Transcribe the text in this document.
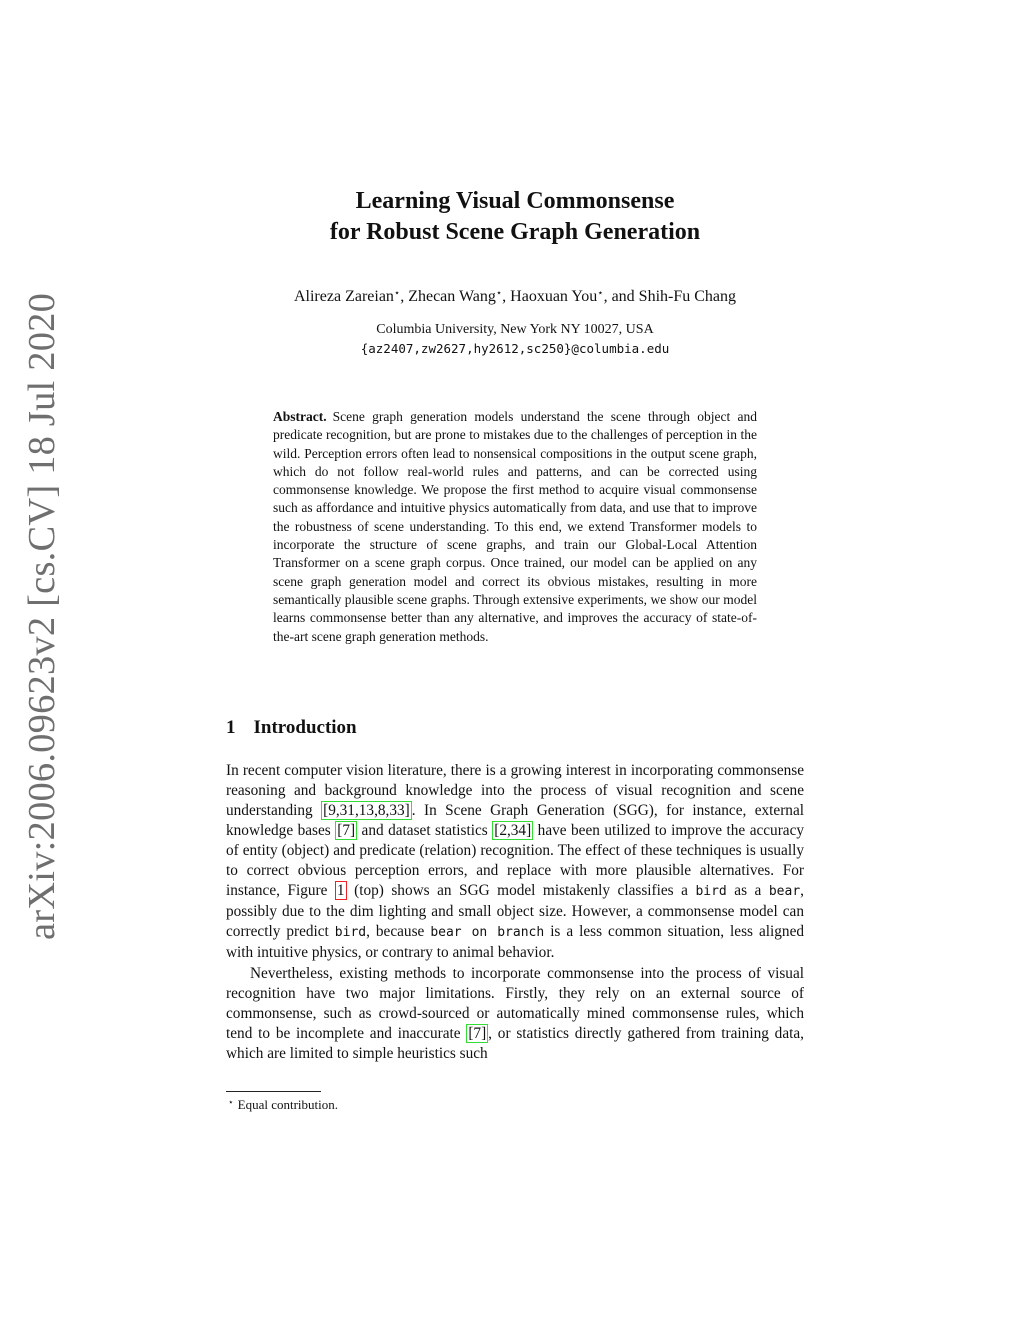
arXiv:2006.09623v2 [cs.CV] 18 Jul 2020
Learning Visual Commonsense
for Robust Scene Graph Generation
Alireza Zareian⋆, Zhecan Wang⋆, Haoxuan You⋆, and Shih-Fu Chang
Columbia University, New York NY 10027, USA
{az2407,zw2627,hy2612,sc250}@columbia.edu
Abstract. Scene graph generation models understand the scene through object and predicate recognition, but are prone to mistakes due to the challenges of perception in the wild. Perception errors often lead to nonsensical compositions in the output scene graph, which do not follow real-world rules and patterns, and can be corrected using commonsense knowledge. We propose the first method to acquire visual commonsense such as affordance and intuitive physics automatically from data, and use that to improve the robustness of scene understanding. To this end, we extend Transformer models to incorporate the structure of scene graphs, and train our Global-Local Attention Transformer on a scene graph corpus. Once trained, our model can be applied on any scene graph generation model and correct its obvious mistakes, resulting in more semantically plausible scene graphs. Through extensive experiments, we show our model learns commonsense better than any alternative, and improves the accuracy of state-of-the-art scene graph generation methods.
1 Introduction

In recent computer vision literature, there is a growing interest in incorporating commonsense reasoning and background knowledge into the process of visual recognition and scene understanding [9,31,13,8,33] . In Scene Graph Generation (SGG), for instance, external knowledge bases [7] and dataset statistics [2,34] have been utilized to improve the accuracy of entity (object) and predicate (relation) recognition. The effect of these techniques is usually to correct obvious perception errors, and replace with more plausible alternatives. For instance, Figure 1 (top) shows an SGG model mistakenly classifies a bird as a bear, possibly due to the dim lighting and small object size. However, a commonsense model can correctly predict bird, because bear on branch is a less common situation, less aligned with intuitive physics, or contrary to animal behavior.

Nevertheless, existing methods to incorporate commonsense into the process of visual recognition have two major limitations. Firstly, they rely on an external source of commonsense, such as crowd-sourced or automatically mined commonsense rules, which tend to be incomplete and inaccurate [7] , or statistics directly gathered from training data, which are limited to simple heuristics such

⋆ Equal contribution.
